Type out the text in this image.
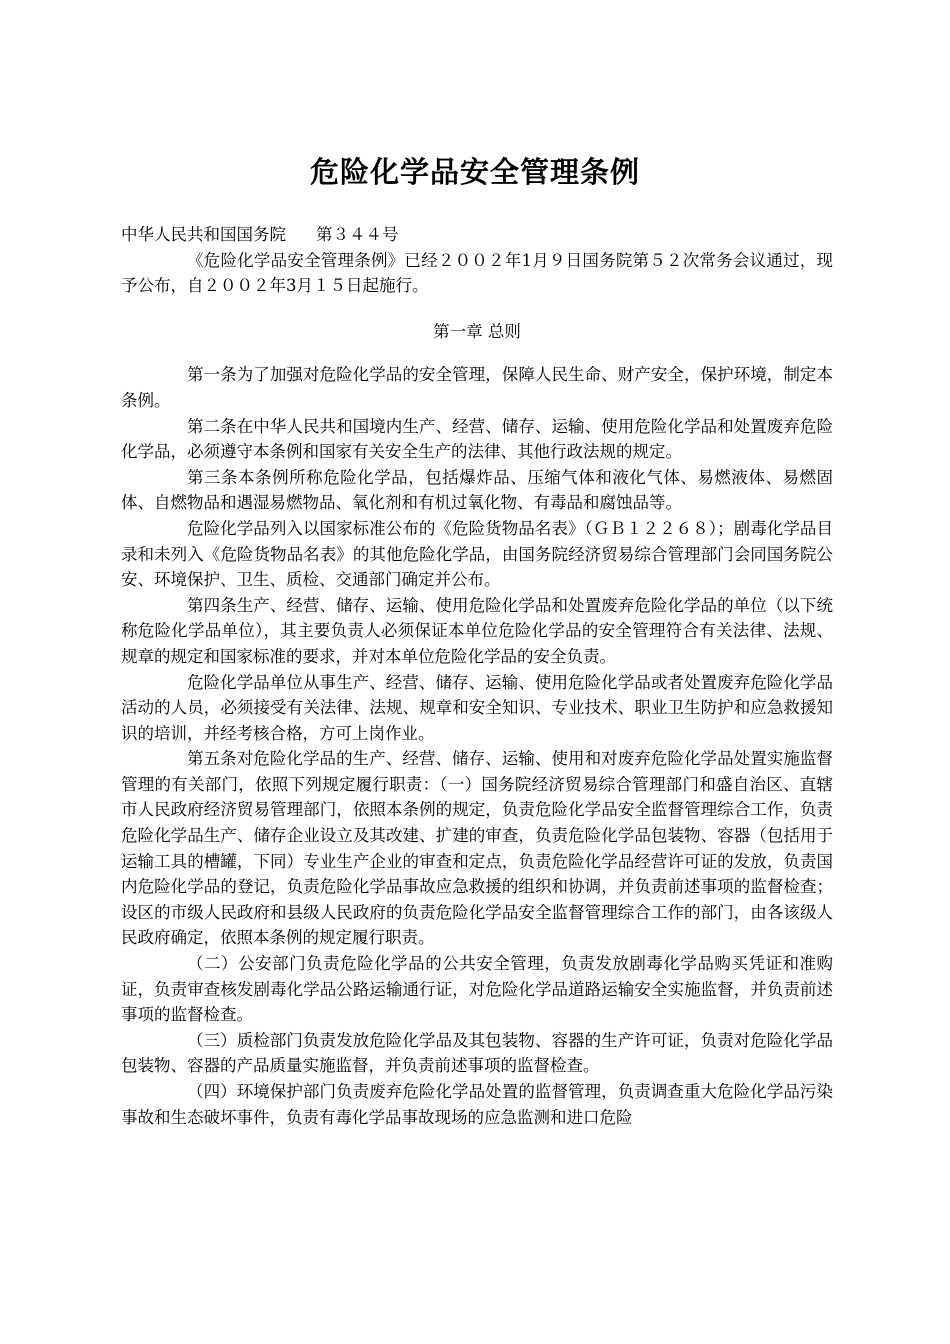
危险化学品安全管理条例

中华人民共和国国务院 第３４４号

《危险化学品安全管理条例》已经２００２年1月９日国务院第５２次常务会议通过，现予公布，自２００２年3月１５日起施行。

第一章 总则

第一条为了加强对危险化学品的安全管理，保障人民生命、财产安全，保护环境，制定本条例。

第二条在中华人民共和国境内生产、经营、储存、运输、使用危险化学品和处置废弃危险化学品，必须遵守本条例和国家有关安全生产的法律、其他行政法规的规定。

第三条本条例所称危险化学品，包括爆炸品、压缩气体和液化气体、易燃液体、易燃固体、自燃物品和遇湿易燃物品、氧化剂和有机过氧化物、有毒品和腐蚀品等。

危险化学品列入以国家标准公布的《危险货物品名表》（ＧＢ１２２６８）；剧毒化学品目录和未列入《危险货物品名表》的其他危险化学品，由国务院经济贸易综合管理部门会同国务院公安、环境保护、卫生、质检、交通部门确定并公布。

第四条生产、经营、储存、运输、使用危险化学品和处置废弃危险化学品的单位（以下统称危险化学品单位），其主要负责人必须保证本单位危险化学品的安全管理符合有关法律、法规、规章的规定和国家标准的要求，并对本单位危险化学品的安全负责。

危险化学品单位从事生产、经营、储存、运输、使用危险化学品或者处置废弃危险化学品活动的人员，必须接受有关法律、法规、规章和安全知识、专业技术、职业卫生防护和应急救援知识的培训，并经考核合格，方可上岗作业。

第五条对危险化学品的生产、经营、储存、运输、使用和对废弃危险化学品处置实施监督管理的有关部门，依照下列规定履行职责：（一）国务院经济贸易综合管理部门和盛自治区、直辖市人民政府经济贸易管理部门，依照本条例的规定，负责危险化学品安全监督管理综合工作，负责危险化学品生产、储存企业设立及其改建、扩建的审查，负责危险化学品包装物、容器（包括用于运输工具的槽罐，下同）专业生产企业的审查和定点，负责危险化学品经营许可证的发放，负责国内危险化学品的登记，负责危险化学品事故应急救援的组织和协调，并负责前述事项的监督检查；设区的市级人民政府和县级人民政府的负责危险化学品安全监督管理综合工作的部门，由各该级人民政府确定，依照本条例的规定履行职责。

（二）公安部门负责危险化学品的公共安全管理，负责发放剧毒化学品购买凭证和准购证，负责审查核发剧毒化学品公路运输通行证，对危险化学品道路运输安全实施监督，并负责前述事项的监督检查。

（三）质检部门负责发放危险化学品及其包装物、容器的生产许可证，负责对危险化学品包装物、容器的产品质量实施监督，并负责前述事项的监督检查。

（四）环境保护部门负责废弃危险化学品处置的监督管理，负责调查重大危险化学品污染事故和生态破坏事件，负责有毒化学品事故现场的应急监测和进口危险
